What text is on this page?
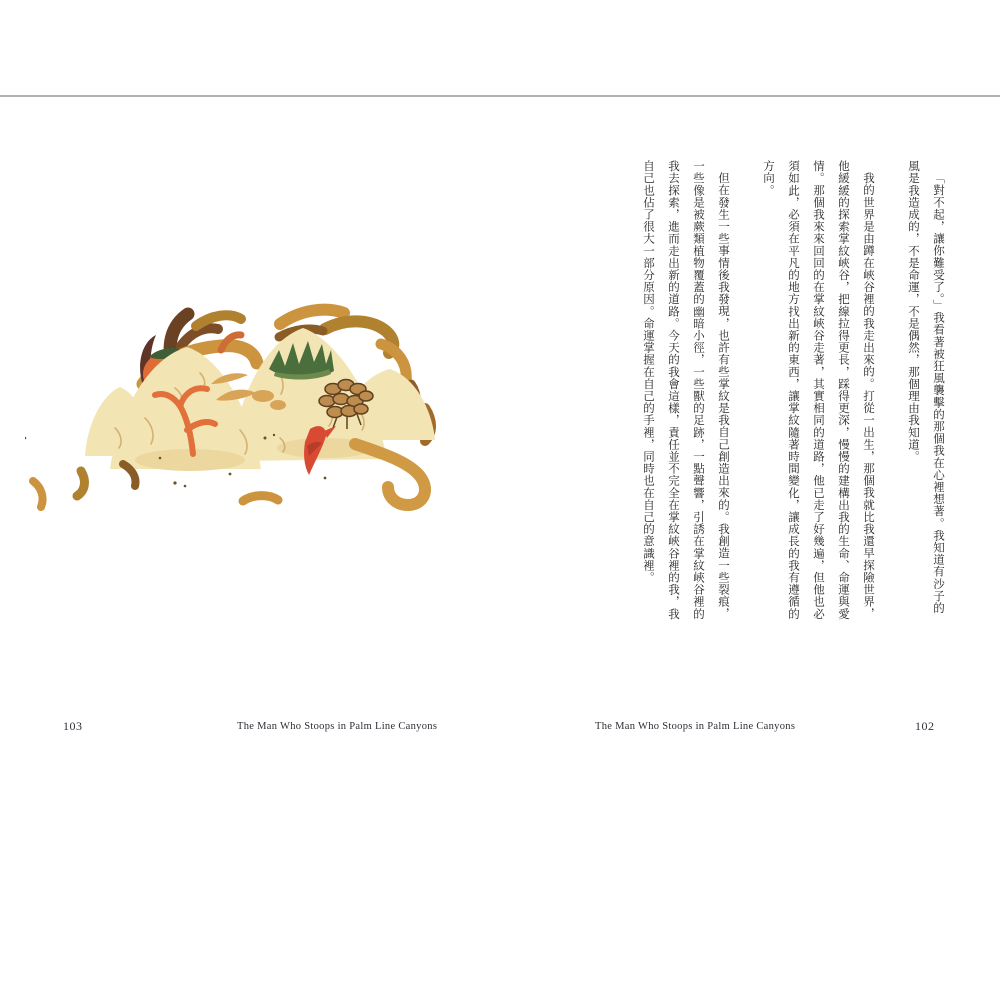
「對不起，讓你難受了。」我看著被狂風襲擊的那個我在心裡想著。我知道有沙子的風是我造成的，不是命運，不是偶然，那個理由我知道。

我的世界是由蹲在峽谷裡的我走出來的。打從一出生，那個我就比我還早探險世界，他緩緩的探索掌紋峽谷，把線拉得更長，踩得更深，慢慢的建構出我的生命、命運與愛情。那個我來來回回的在掌紋峽谷走著，其實相同的道路，他已走了好幾遍，但他也必須如此，必須在平凡的地方找出新的東西，讓掌紋隨著時間變化，讓成長的我有遵循的方向。

但在發生一些事情後我發現，也許有些掌紋是我自己創造出來的。我創造一些裂痕，一些像是被蕨類植物覆蓋的幽暗小徑，一些獸的足跡，一點聲響，引誘在掌紋峽谷裡的我去探索，進而走出新的道路。今天的我會這樣，責任並不完全在掌紋峽谷裡的我，我自己也佔了很大一部分原因。命運掌握在自己的手裡，同時也在自己的意識裡。

103	The Man Who Stoops in Palm Line Canyons	The Man Who Stoops in Palm Line Canyons	102
